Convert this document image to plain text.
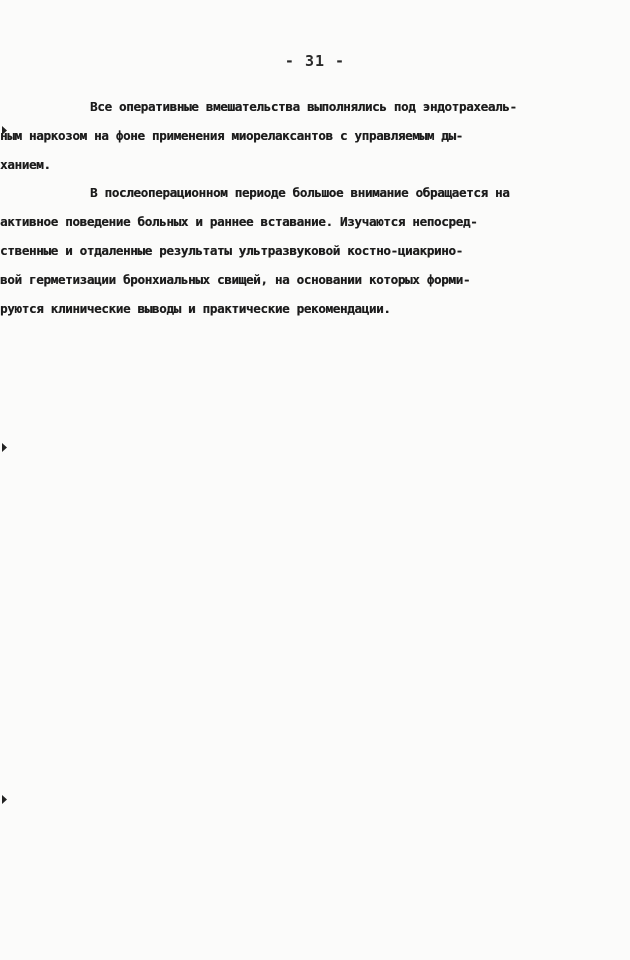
- 31 -
Все оперативные вмешательства выполнялись под эндотрахеаль-
ным наркозом на фоне применения миорелаксантов с управляемым ды-
ханием.
В послеоперационном периоде большое внимание обращается на
активное поведение больных и раннее вставание. Изучаются непосред-
ственные и отдаленные результаты ультразвуковой костно-циакрино-
вой герметизации бронхиальных свищей, на основании которых форми-
руются клинические выводы и практические рекомендации.
